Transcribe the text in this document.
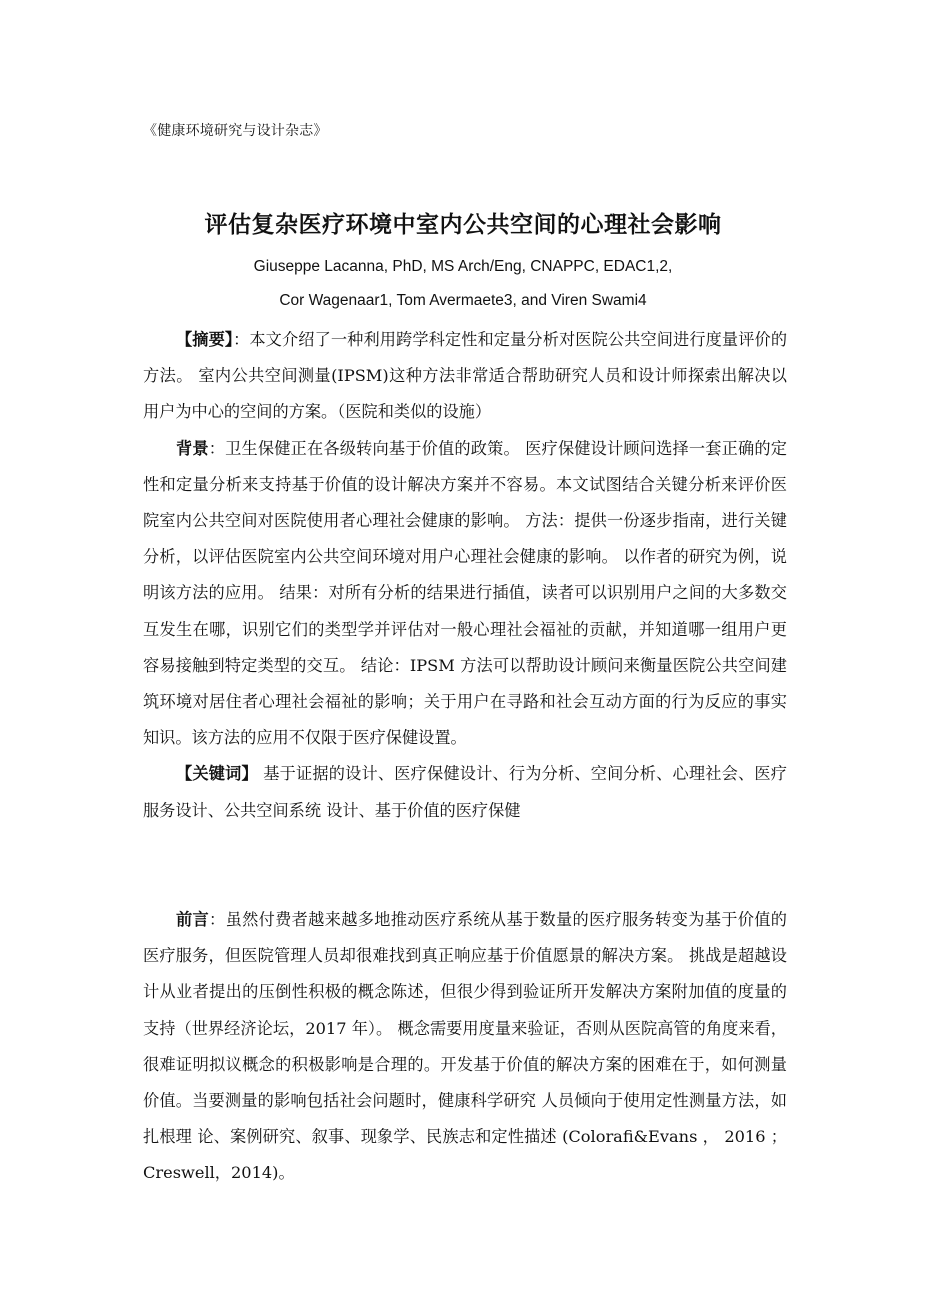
《健康环境研究与设计杂志》
评估复杂医疗环境中室内公共空间的心理社会影响
Giuseppe Lacanna, PhD, MS Arch/Eng, CNAPPC, EDAC1,2,
Cor Wagenaar1, Tom Avermaete3, and Viren Swami4

【摘要】：本文介绍了一种利用跨学科定性和定量分析对医院公共空间进行度量评价的方法。 室内公共空间测量(IPSM)这种方法非常适合帮助研究人员和设计师探索出解决以用户为中心的空间的方案。（医院和类似的设施）

背景：卫生保健正在各级转向基于价值的政策。 医疗保健设计顾问选择一套正确的定性和定量分析来支持基于价值的设计解决方案并不容易。本文试图结合关键分析来评价医院室内公共空间对医院使用者心理社会健康的影响。 方法：提供一份逐步指南，进行关键分析，以评估医院室内公共空间环境对用户心理社会健康的影响。 以作者的研究为例，说明该方法的应用。 结果：对所有分析的结果进行插值，读者可以识别用户之间的大多数交互发生在哪，识别它们的类型学并评估对一般心理社会福祉的贡献，并知道哪一组用户更容易接触到特定类型的交互。 结论：IPSM 方法可以帮助设计顾问来衡量医院公共空间建筑环境对居住者心理社会福祉的影响；关于用户在寻路和社会互动方面的行为反应的事实知识。该方法的应用不仅限于医疗保健设置。

【关键词】 基于证据的设计、医疗保健设计、行为分析、空间分析、心理社会、医疗服务设计、公共空间系统 设计、基于价值的医疗保健

前言：虽然付费者越来越多地推动医疗系统从基于数量的医疗服务转变为基于价值的医疗服务，但医院管理人员却很难找到真正响应基于价值愿景的解决方案。 挑战是超越设计从业者提出的压倒性积极的概念陈述，但很少得到验证所开发解决方案附加值的度量的支持（世界经济论坛，2017 年）。 概念需要用度量来验证，否则从医院高管的角度来看，很难证明拟议概念的积极影响是合理的。开发基于价值的解决方案的困难在于，如何测量价值。当要测量的影响包括社会问题时，健康科学研究 人员倾向于使用定性测量方法，如扎根理 论、案例研究、叙事、现象学、民族志和定性描述 (Colorafi&Evans ， 2016 ； Creswell，2014)。
